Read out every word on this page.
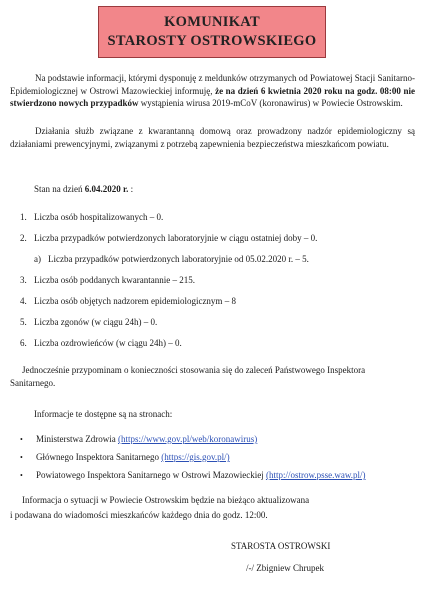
KOMUNIKAT
STAROSTY OSTROWSKIEGO

Na podstawie informacji, którymi dysponuję z meldunków otrzymanych od Powiatowej Stacji Sanitarno-Epidemiologicznej w Ostrowi Mazowieckiej informuję, że na dzień 6 kwietnia 2020 roku na godz. 08:00 nie stwierdzono nowych przypadków wystąpienia wirusa 2019-mCoV (koronawirus) w Powiecie Ostrowskim.

Działania służb związane z kwarantanną domową oraz prowadzony nadzór epidemiologiczny są działaniami prewencyjnymi, związanymi z potrzebą zapewnienia bezpieczeństwa mieszkańcom powiatu.

Stan na dzień 6.04.2020 r. :
1. Liczba osób hospitalizowanych – 0.
2. Liczba przypadków potwierdzonych laboratoryjnie w ciągu ostatniej doby – 0.
a) Liczba przypadków potwierdzonych laboratoryjnie od 05.02.2020 r. – 5.
3. Liczba osób poddanych kwarantannie – 215.
4. Liczba osób objętych nadzorem epidemiologicznym – 8
5. Liczba zgonów (w ciągu 24h) – 0.
6. Liczba ozdrowieńców (w ciągu 24h) – 0.
Jednocześnie przypominam o konieczności stosowania się do zaleceń Państwowego Inspektora
Sanitarnego.
Informacje te dostępne są na stronach:
• Ministerstwa Zdrowia (https://www.gov.pl/web/koronawirus)
• Głównego Inspektora Sanitarnego (https://gis.gov.pl/)
• Powiatowego Inspektora Sanitarnego w Ostrowi Mazowieckiej (http://ostrow.psse.waw.pl/)
Informacja o sytuacji w Powiecie Ostrowskim będzie na bieżąco aktualizowana
i podawana do wiadomości mieszkańców każdego dnia do godz. 12:00.
STAROSTA OSTROWSKI
/-/ Zbigniew Chrupek
